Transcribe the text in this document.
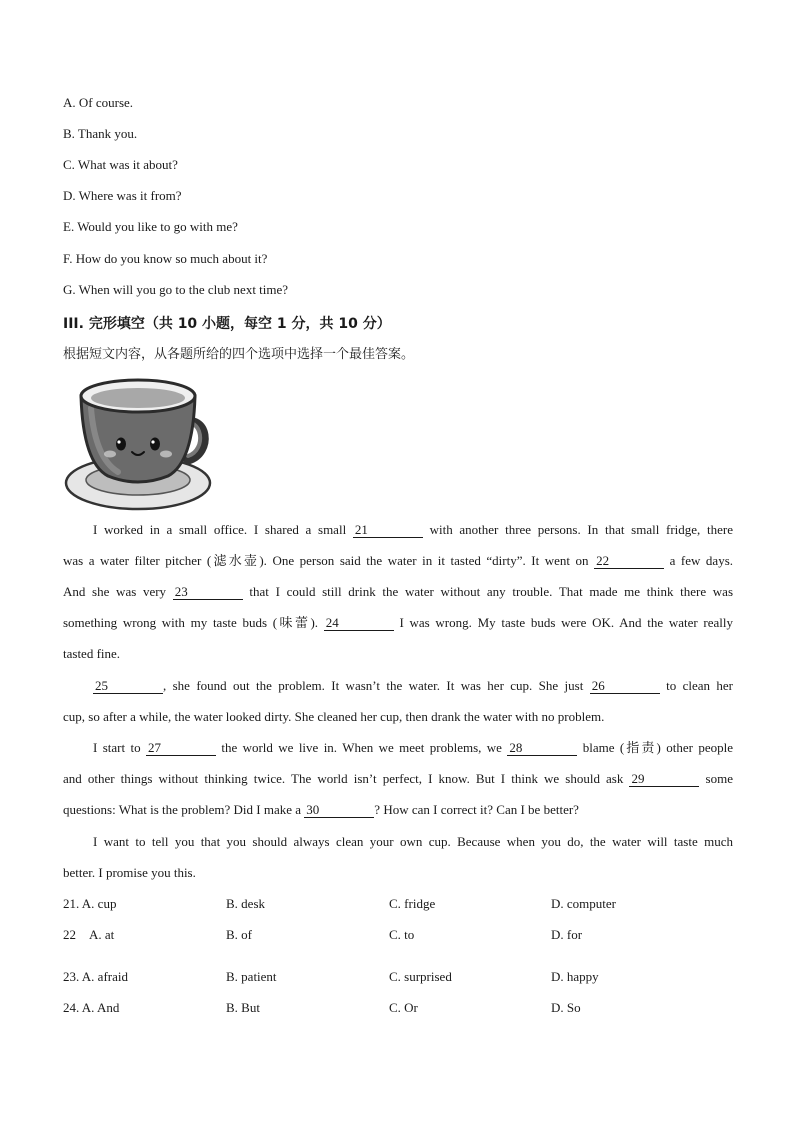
A. Of course.
B. Thank you.
C. What was it about?
D. Where was it from?
E. Would you like to go with me?
F. How do you know so much about it?
G. When will you go to the club next time?
III. 完形填空（共 10 小题，每空 1 分，共 10 分）
根据短文内容，从各题所给的四个选项中选择一个最佳答案。
I worked in a small office. I shared a small 21	with another three persons. In that small fridge, there
was a water filter pitcher (滤水壶). One person said the water in it tasted “dirty”. It went on 22	a few days.
And she was very 23	that I could still drink the water without any trouble. That made me think there was
something wrong with my taste buds (味蕾). 24	I was wrong. My taste buds were OK. And the water really
tasted fine.
25	, she found out the problem. It wasn’t the water. It was her cup. She just 26	to clean her
cup, so after a while, the water looked dirty. She cleaned her cup, then drank the water with no problem.
I start to 27	the world we live in. When we meet problems, we 28	blame (指责) other people
and other things without thinking twice. The world isn’t perfect, I know. But I think we should ask 29	some
questions: What is the problem? Did I make a 30	? How can I correct it? Can I be better?
I want to tell you that you should always clean your own cup. Because when you do, the water will taste much
better. I promise you this.
21. A. cup	B. desk	C. fridge	D. computer
22 A. at	B. of	C. to	D. for
23. A. afraid	B. patient	C. surprised	D. happy
24. A. And	B. But	C. Or	D. So
